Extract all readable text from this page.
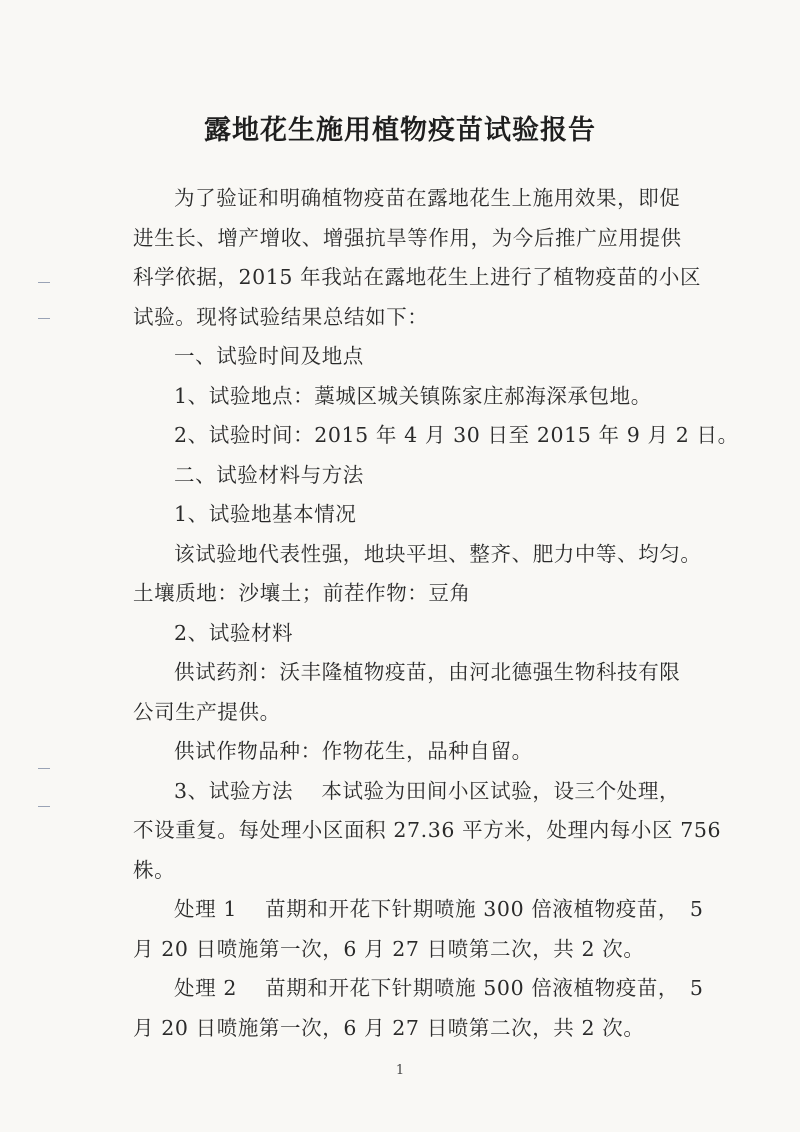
露地花生施用植物疫苗试验报告
为了验证和明确植物疫苗在露地花生上施用效果，即促
进生长、增产增收、增强抗旱等作用，为今后推广应用提供
科学依据，2015 年我站在露地花生上进行了植物疫苗的小区
试验。现将试验结果总结如下：
一、试验时间及地点
1、试验地点：藁城区城关镇陈家庄郝海深承包地。
2、试验时间：2015 年 4 月 30 日至 2015 年 9 月 2 日。
二、试验材料与方法
1、试验地基本情况
该试验地代表性强，地块平坦、整齐、肥力中等、均匀。
土壤质地：沙壤土；前茬作物：豆角
2、试验材料
供试药剂：沃丰隆植物疫苗，由河北德强生物科技有限
公司生产提供。
供试作物品种：作物花生，品种自留。
3、试验方法　 本试验为田间小区试验，设三个处理，
不设重复。每处理小区面积 27.36 平方米，处理内每小区 756
株。
处理 1　 苗期和开花下针期喷施 300 倍液植物疫苗，　5
月 20 日喷施第一次，6 月 27 日喷第二次，共 2 次。
处理 2　 苗期和开花下针期喷施 500 倍液植物疫苗，　5
月 20 日喷施第一次，6 月 27 日喷第二次，共 2 次。
1
